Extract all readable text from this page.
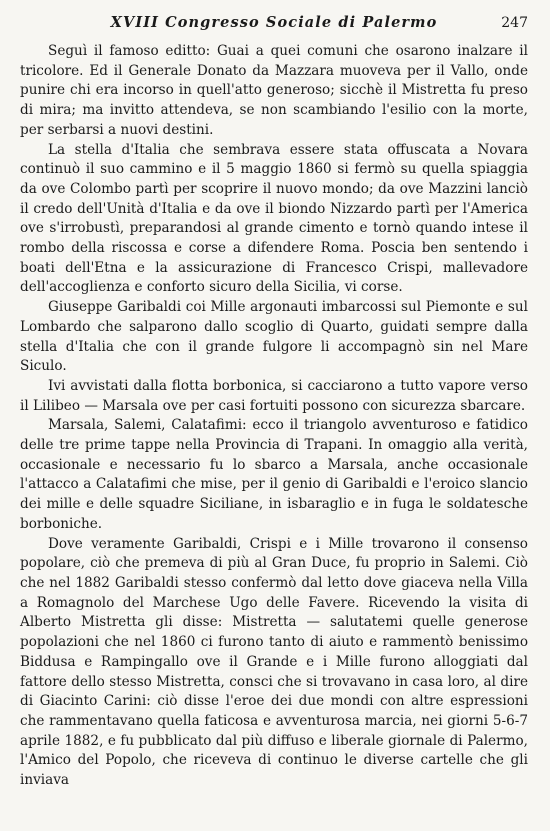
XVIII Congresso Sociale di Palermo	247

Seguì il famoso editto: Guai a quei comuni che osarono inalzare il tricolore. Ed il Generale Donato da Mazzara muoveva per il Vallo, onde punire chi era incorso in quell'atto generoso; sicchè il Mistretta fu preso di mira; ma invitto attendeva, se non scambiando l'esilio con la morte, per serbarsi a nuovi destini.

La stella d'Italia che sembrava essere stata offuscata a Novara continuò il suo cammino e il 5 maggio 1860 si fermò su quella spiaggia da ove Colombo partì per scoprire il nuovo mondo; da ove Mazzini lanciò il credo dell'Unità d'Italia e da ove il biondo Nizzardo partì per l'America ove s'irrobustì, preparandosi al grande cimento e tornò quando intese il rombo della riscossa e corse a difendere Roma. Poscia ben sentendo i boati dell'Etna e la assicurazione di Francesco Crispi, mallevadore dell'accoglienza e conforto sicuro della Sicilia, vi corse.

Giuseppe Garibaldi coi Mille argonauti imbarcossi sul Piemonte e sul Lombardo che salparono dallo scoglio di Quarto, guidati sempre dalla stella d'Italia che con il grande fulgore li accompagnò sin nel Mare Siculo.

Ivi avvistati dalla flotta borbonica, si cacciarono a tutto vapore verso il Lilibeo — Marsala ove per casi fortuiti possono con sicurezza sbarcare.

Marsala, Salemi, Calatafimi: ecco il triangolo avventuroso e fatidico delle tre prime tappe nella Provincia di Trapani. In omaggio alla verità, occasionale e necessario fu lo sbarco a Marsala, anche occasionale l'attacco a Calatafimi che mise, per il genio di Garibaldi e l'eroico slancio dei mille e delle squadre Siciliane, in isbaraglio e in fuga le soldatesche borboniche.

Dove veramente Garibaldi, Crispi e i Mille trovarono il consenso popolare, ciò che premeva di più al Gran Duce, fu proprio in Salemi. Ciò che nel 1882 Garibaldi stesso confermò dal letto dove giaceva nella Villa a Romagnolo del Marchese Ugo delle Favere. Ricevendo la visita di Alberto Mistretta gli disse: Mistretta — salutatemi quelle generose popolazioni che nel 1860 ci furono tanto di aiuto e rammentò benissimo Biddusa e Rampingallo ove il Grande e i Mille furono alloggiati dal fattore dello stesso Mistretta, consci che si trovavano in casa loro, al dire di Giacinto Carini: ciò disse l'eroe dei due mondi con altre espressioni che rammentavano quella faticosa e avventurosa marcia, nei giorni 5-6-7 aprile 1882, e fu pubblicato dal più diffuso e liberale giornale di Palermo, l'Amico del Popolo, che riceveva di continuo le diverse cartelle che gli inviava
